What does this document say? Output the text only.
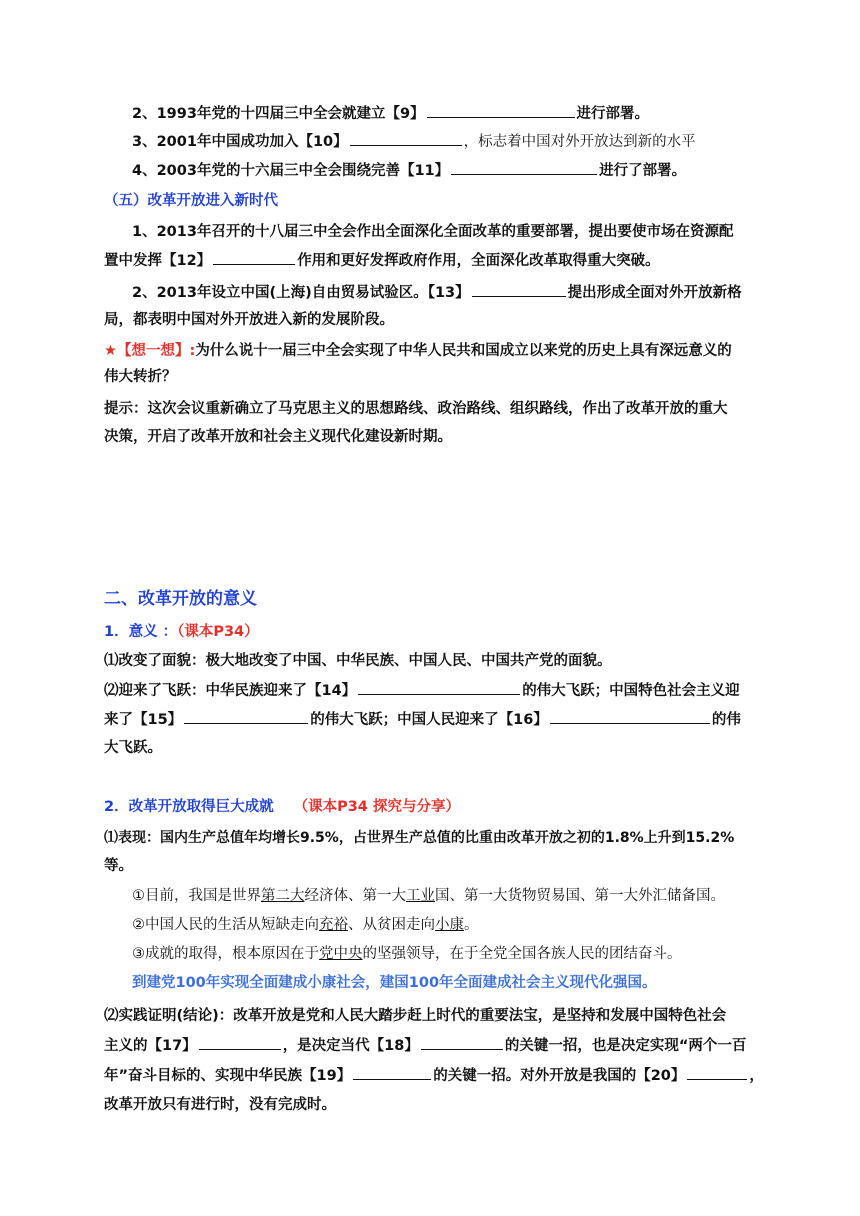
2、1993年党的十四届三中全会就建立【9】	进行部署。
3、2001年中国成功加入【10】	，标志着中国对外开放达到新的水平
4、2003年党的十六届三中全会围绕完善【11】	进行了部署。
（五）改革开放进入新时代
1、2013年召开的十八届三中全会作出全面深化全面改革的重要部署，提出要使市场在资源配
置中发挥【12】	作用和更好发挥政府作用，全面深化改革取得重大突破。
2、2013年设立中国(上海)自由贸易试验区。【13】	提出形成全面对外开放新格
局，都表明中国对外开放进入新的发展阶段。
★【想一想】:为什么说十一届三中全会实现了中华人民共和国成立以来党的历史上具有深远意义的
伟大转折？
提示：这次会议重新确立了马克思主义的思想路线、政治路线、组织路线，作出了改革开放的重大
决策，开启了改革开放和社会主义现代化建设新时期。
二、改革开放的意义
1．意义 ：（课本P34）
⑴改变了面貌：极大地改变了中国、中华民族、中国人民、中国共产党的面貌。
⑵迎来了飞跃：中华民族迎来了【14】	的伟大飞跃；中国特色社会主义迎
来了【15】	的伟大飞跃；中国人民迎来了【16】	的伟
大飞跃。
2．改革开放取得巨大成就 （课本P34 探究与分享）
⑴表现：国内生产总值年均增长9.5%，占世界生产总值的比重由改革开放之初的1.8%上升到15.2%
等。
①目前，我国是世界第二大经济体、第一大工业国、第一大货物贸易国、第一大外汇储备国。
②中国人民的生活从短缺走向充裕、从贫困走向小康。
③成就的取得，根本原因在于党中央的坚强领导，在于全党全国各族人民的团结奋斗。
到建党100年实现全面建成小康社会，建国100年全面建成社会主义现代化强国。
⑵实践证明(结论)：改革开放是党和人民大踏步赶上时代的重要法宝，是坚持和发展中国特色社会
主义的【17】	，是决定当代【18】	的关键一招，也是决定实现“两个一百
年”奋斗目标的、实现中华民族【19】	的关键一招。对外开放是我国的【20】	，
改革开放只有进行时，没有完成时。
